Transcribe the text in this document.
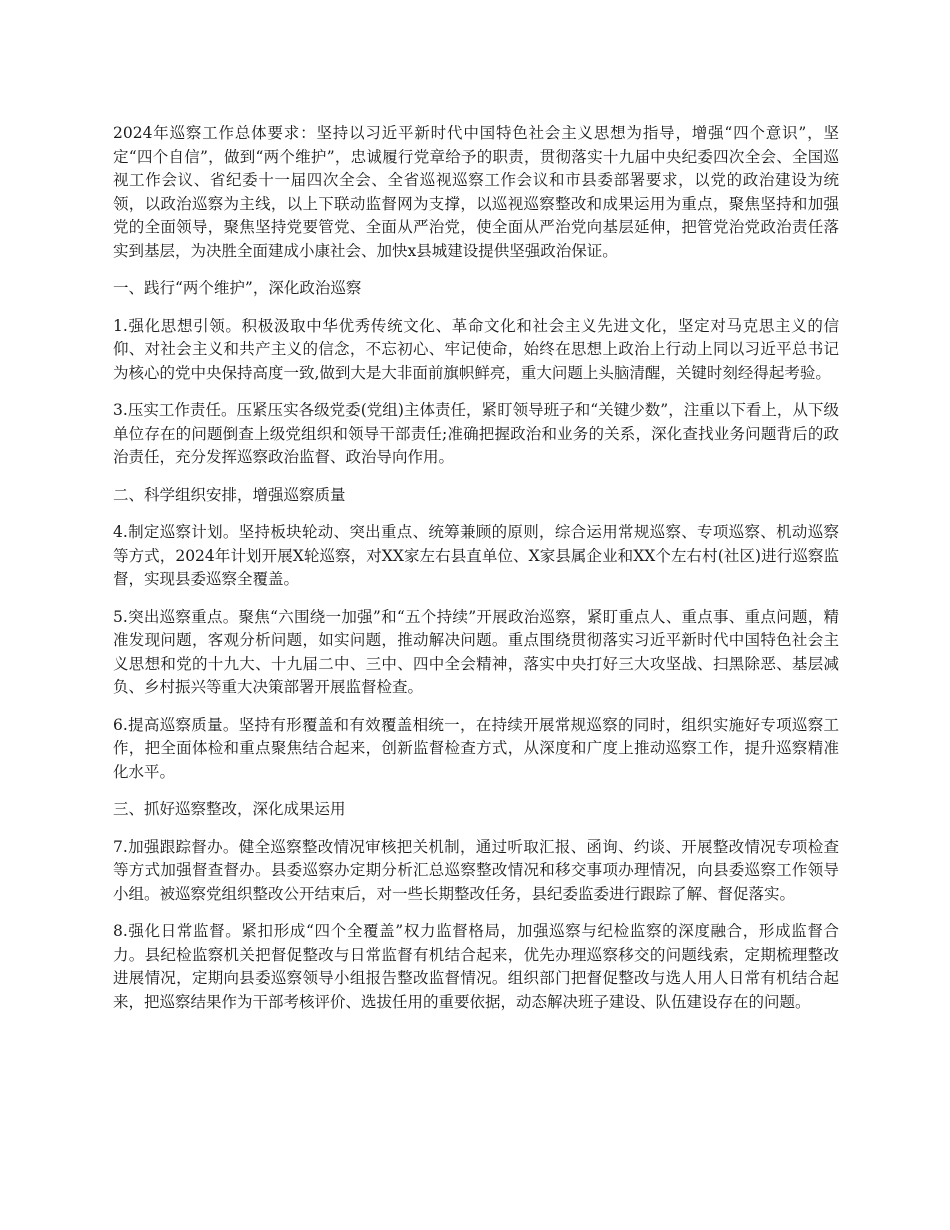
2024年巡察工作总体要求：坚持以习近平新时代中国特色社会主义思想为指导，增强“四个意识”，坚定“四个自信”，做到“两个维护”，忠诚履行党章给予的职责，贯彻落实十九届中央纪委四次全会、全国巡视工作会议、省纪委十一届四次全会、全省巡视巡察工作会议和市县委部署要求，以党的政治建设为统领，以政治巡察为主线，以上下联动监督网为支撑，以巡视巡察整改和成果运用为重点，聚焦坚持和加强党的全面领导，聚焦坚持党要管党、全面从严治党，使全面从严治党向基层延伸，把管党治党政治责任落实到基层，为决胜全面建成小康社会、加快x县城建设提供坚强政治保证。

一、践行“两个维护”，深化政治巡察

1.强化思想引领。积极汲取中华优秀传统文化、革命文化和社会主义先进文化，坚定对马克思主义的信仰、对社会主义和共产主义的信念，不忘初心、牢记使命，始终在思想上政治上行动上同以习近平总书记为核心的党中央保持高度一致,做到大是大非面前旗帜鲜亮，重大问题上头脑清醒，关键时刻经得起考验。

3.压实工作责任。压紧压实各级党委(党组)主体责任，紧盯领导班子和“关键少数”，注重以下看上，从下级单位存在的问题倒查上级党组织和领导干部责任;准确把握政治和业务的关系，深化查找业务问题背后的政治责任，充分发挥巡察政治监督、政治导向作用。

二、科学组织安排，增强巡察质量

4.制定巡察计划。坚持板块轮动、突出重点、统筹兼顾的原则，综合运用常规巡察、专项巡察、机动巡察等方式，2024年计划开展X轮巡察，对XX家左右县直单位、X家县属企业和XX个左右村(社区)进行巡察监督，实现县委巡察全覆盖。

5.突出巡察重点。聚焦“六围绕一加强”和“五个持续”开展政治巡察，紧盯重点人、重点事、重点问题，精准发现问题，客观分析问题，如实问题，推动解决问题。重点围绕贯彻落实习近平新时代中国特色社会主义思想和党的十九大、十九届二中、三中、四中全会精神，落实中央打好三大攻坚战、扫黑除恶、基层减负、乡村振兴等重大决策部署开展监督检查。

6.提高巡察质量。坚持有形覆盖和有效覆盖相统一，在持续开展常规巡察的同时，组织实施好专项巡察工作，把全面体检和重点聚焦结合起来，创新监督检查方式，从深度和广度上推动巡察工作，提升巡察精准化水平。

三、抓好巡察整改，深化成果运用

7.加强跟踪督办。健全巡察整改情况审核把关机制，通过听取汇报、函询、约谈、开展整改情况专项检查等方式加强督查督办。县委巡察办定期分析汇总巡察整改情况和移交事项办理情况，向县委巡察工作领导小组。被巡察党组织整改公开结束后，对一些长期整改任务，县纪委监委进行跟踪了解、督促落实。

8.强化日常监督。紧扣形成“四个全覆盖”权力监督格局，加强巡察与纪检监察的深度融合，形成监督合力。县纪检监察机关把督促整改与日常监督有机结合起来，优先办理巡察移交的问题线索，定期梳理整改进展情况，定期向县委巡察领导小组报告整改监督情况。组织部门把督促整改与选人用人日常有机结合起来，把巡察结果作为干部考核评价、选拔任用的重要依据，动态解决班子建设、队伍建设存在的问题。
